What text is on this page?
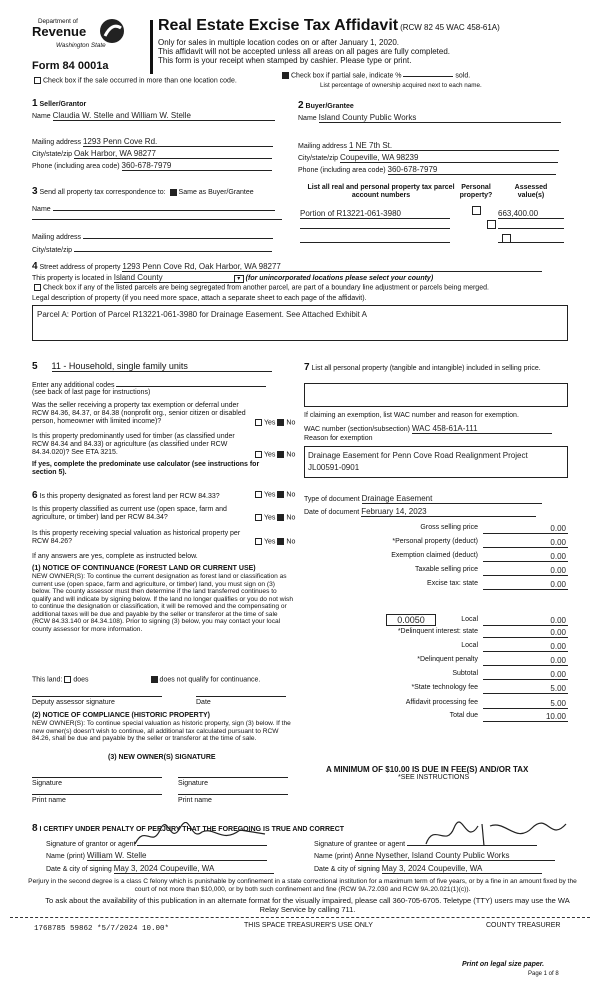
Department of
Revenue
Washington State
Form 84 0001a
Check box if the sale occurred in more than one location code.
Real Estate Excise Tax Affidavit (RCW 82 45 WAC 458-61A)
Only for sales in multiple location codes on or after January 1, 2020.
This affidavit will not be accepted unless all areas on all pages are fully completed.
This form is your receipt when stamped by cashier. Please type or print.
Check box if partial sale, indicate %	sold.
List percentage of ownership acquired next to each name.
1 Seller/Grantor
Name Claudia W. Stelle and William W. Stelle
Mailing address 1293 Penn Cove Rd.
City/state/zip Oak Harbor, WA 98277
Phone (including area code) 360-678-7979
2 Buyer/Grantee
Name Island County Public Works
Mailing address 1 NE 7th St.
City/state/zip Coupeville, WA 98239
Phone (including area code) 360-678-7979
3 Send all property tax correspondence to: Same as Buyer/Grantee
Name
Mailing address
City/state/zip
List all real and personal property tax parcel account numbers
Personal property?
Assessed value(s)
Portion of R13221-061-3980
	663,400.00

4 Street address of property 1293 Penn Cove Rd, Oak Harbor, WA 98277
This property is located in Island County	▾ (for unincorporated locations please select your county)
Check box if any of the listed parcels are being segregated from another parcel, are part of a boundary line adjustment or parcels being merged.
Legal description of property (if you need more space, attach a separate sheet to each page of the affidavit).
Parcel A: Portion of Parcel R13221-061-3980 for Drainage Easement. See Attached Exhibit A
5 11 - Household, single family units
Enter any additional codes
(see back of last page for instructions)
Was the seller receiving a property tax exemption or deferral under RCW 84.36, 84.37, or 84.38 (nonprofit org., senior citizen or disabled person, homeowner with limited income)?	Yes No
Is this property predominantly used for timber (as classified under RCW 84.34 and 84.33) or agriculture (as classified under RCW 84.34.020)? See ETA 3215.	Yes No
If yes, complete the predominate use calculator (see instructions for section 5).
6 Is this property designated as forest land per RCW 84.33?	Yes No
Is this property classified as current use (open space, farm and agriculture, or timber) land per RCW 84.34?	Yes No
Is this property receiving special valuation as historical property per RCW 84.26?	Yes No
If any answers are yes, complete as instructed below.
(1) NOTICE OF CONTINUANCE (FOREST LAND OR CURRENT USE)
NEW OWNER(S): To continue the current designation as forest land or classification as current use (open space, farm and agriculture, or timber) land, you must sign on (3) below. The county assessor must then determine if the land transferred continues to qualify and will indicate by signing below. If the land no longer qualifies or you do not wish to continue the designation or classification, it will be removed and the compensating or additional taxes will be due and payable by the seller or transferor at the time of sale (RCW 84.33.140 or 84.34.108). Prior to signing (3) below, you may contact your local county assessor for more information.
This land: does	does not qualify for continuance.
Deputy assessor signature	Date
(2) NOTICE OF COMPLIANCE (HISTORIC PROPERTY)
NEW OWNER(S): To continue special valuation as historic property, sign (3) below. If the new owner(s) doesn't wish to continue, all additional tax calculated pursuant to RCW 84.26, shall be due and payable by the seller or transferor at the time of sale.
(3) NEW OWNER(S) SIGNATURE
Signature	Signature
Print name	Print name
7 List all personal property (tangible and intangible) included in selling price.
If claiming an exemption, list WAC number and reason for exemption.
WAC number (section/subsection) WAC 458-61A-111
Reason for exemption
Drainage Easement for Penn Cove Road Realignment Project
JL00591-0901
Type of document Drainage Easement
Date of document February 14, 2023
Gross selling price	0.00
*Personal property (deduct)	0.00
Exemption claimed (deduct)	0.00
Taxable selling price	0.00
Excise tax: state	0.00
Local	0.00
*Delinquent interest: state	0.00
Local	0.00
*Delinquent penalty	0.00
Subtotal	0.00
*State technology fee	5.00
Affidavit processing fee	5.00
Total due	10.00
0.0050
A MINIMUM OF $10.00 IS DUE IN FEE(S) AND/OR TAX
*SEE INSTRUCTIONS
8 I CERTIFY UNDER PENALTY OF PERJURY THAT THE FOREGOING IS TRUE AND CORRECT
Signature of grantor or agent
Name (print) William W. Stelle
Date & city of signing May 3, 2024 Coupeville, WA
Signature of grantee or agent
Name (print) Anne Nysether, Island County Public Works
Date & city of signing May 3, 2024 Coupeville, WA
Perjury in the second degree is a class C felony which is punishable by confinement in a state correctional institution for a maximum term of five years, or by a fine in an amount fixed by the court of not more than $10,000, or by both such confinement and fine (RCW 9A.72.030 and RCW 9A.20.021(1)(c)).
To ask about the availability of this publication in an alternate format for the visually impaired, please call 360-705-6705. Teletype (TTY) users may use the WA Relay Service by calling 711.
1768785 59862 *5/7/2024 10.00*	THIS SPACE TREASURER'S USE ONLY	COUNTY TREASURER
Print on legal size paper.
Page 1 of 8
